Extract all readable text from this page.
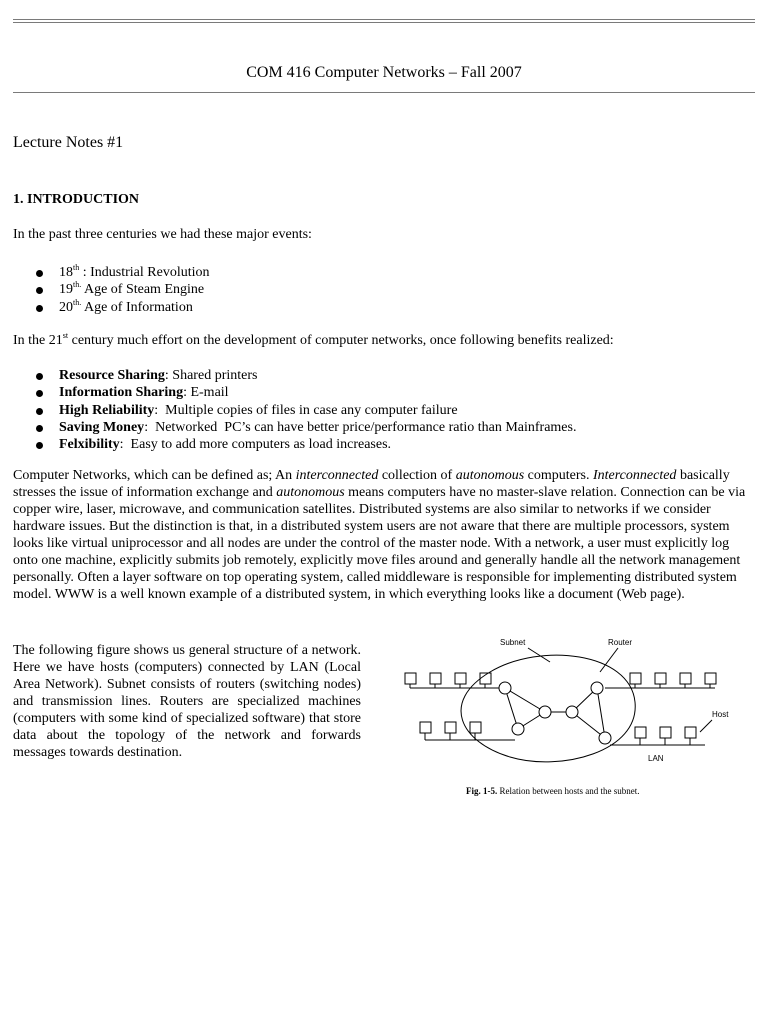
COM 416 Computer Networks – Fall 2007
Lecture Notes #1
1. INTRODUCTION

In the past three centuries we had these major events:

18th : Industrial Revolution
$19^{th.}$ Age of Steam Engine
$20^{th.}$ Age of Information

In the 21st century much effort on the development of computer networks, once following benefits realized:

Resource Sharing: Shared printers
Information Sharing: E-mail
High Reliability:  Multiple copies of files in case any computer failure
Saving Money:  Networked  PC’s can have better price/performance ratio than Mainframes.
Felxibility:  Easy to add more computers as load increases.

Computer Networks, which can be defined as; An interconnected collection of autonomous computers. Interconnected basically stresses the issue of information exchange and autonomous means computers have no master-slave relation. Connection can be via copper wire, laser, microwave, and communication satellites. Distributed systems are also similar to networks if we consider hardware issues. But the distinction is that, in a distributed system users are not aware that there are multiple processors, system looks like virtual uniprocessor and all nodes are under the control of the master node. With a network, a user must explicitly log onto one machine, explicitly submits job remotely, explicitly move files around and generally handle all the network management personally. Often a layer software on top operating system, called middleware is responsible for implementing distributed system model. WWW is a well known example of a distributed system, in which everything looks like a document (Web page).

The following figure shows us general structure of a network. Here we have hosts (computers) connected by LAN (Local Area Network). Subnet consists of routers (switching nodes) and transmission lines. Routers are specialized machines (computers with some kind of specialized software) that store data about the topology of the network and forwards messages towards destination.

Subnet	Router
Host
LAN
Fig. 1-5. Relation between hosts and the subnet.
